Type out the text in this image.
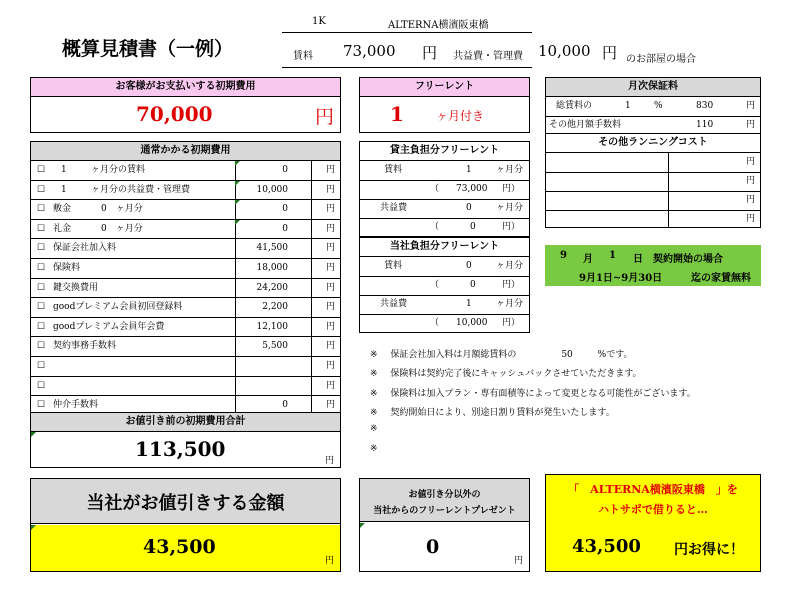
概算見積書（一例）
1K	ALTERNA横濱阪東橋
賃料 73,000 円 共益費・管理費 10,000 円 のお部屋の場合
お客様がお支払いする初期費用
70,000	円
フリーレント
1	ヶ月付き
月次保証料
総賃料の	1	%	830	円
その他月額手数料	110	円
その他ランニングコスト
円
円
円
円
通常かかる初期費用
☐ 1	ヶ月分の賃料	0	円
☐ 1	ヶ月分の共益費・管理費	10,000	円
☐ 敷金	0　ヶ月分	0	円
☐ 礼金	0　ヶ月分	0	円
☐ 保証会社加入料	41,500	円
☐ 保険料	18,000	円
☐ 鍵交換費用	24,200	円
☐ goodプレミアム会員初回登録料	2,200	円
☐ goodプレミアム会員年会費	12,100	円
☐ 契約事務手数料	5,500	円
☐	円
☐	円
☐ 仲介手数料	0	円
貸主負担分フリーレント
賃料	1	ヶ月分
（ 73,000 円）
共益費	0	ヶ月分
（	0	円）
当社負担分フリーレント
賃料	0	ヶ月分
（	0	円）
共益費	1	ヶ月分
（ 10,000 円）
9 月 1 日 契約開始の場合
9月1日~9月30日	迄の家賃無料
※ 保証会社加入料は月額総賃料の	50	%です。
※ 保険料は契約完了後にキャッシュバックさせていただきます。
※ 保険料は加入プラン・専有面積等によって変更となる可能性がございます。
※ 契約開始日により、別途日割り賃料が発生いたします。
※
※
お値引き前の初期費用合計
113,500	円
当社がお値引きする金額
43,500
円
お値引き分以外の
当社からのフリーレントプレゼント
0
円
「　ALTERNA横濱阪東橋　」を
ハトサポで借りると…
43,500 円お得に！
